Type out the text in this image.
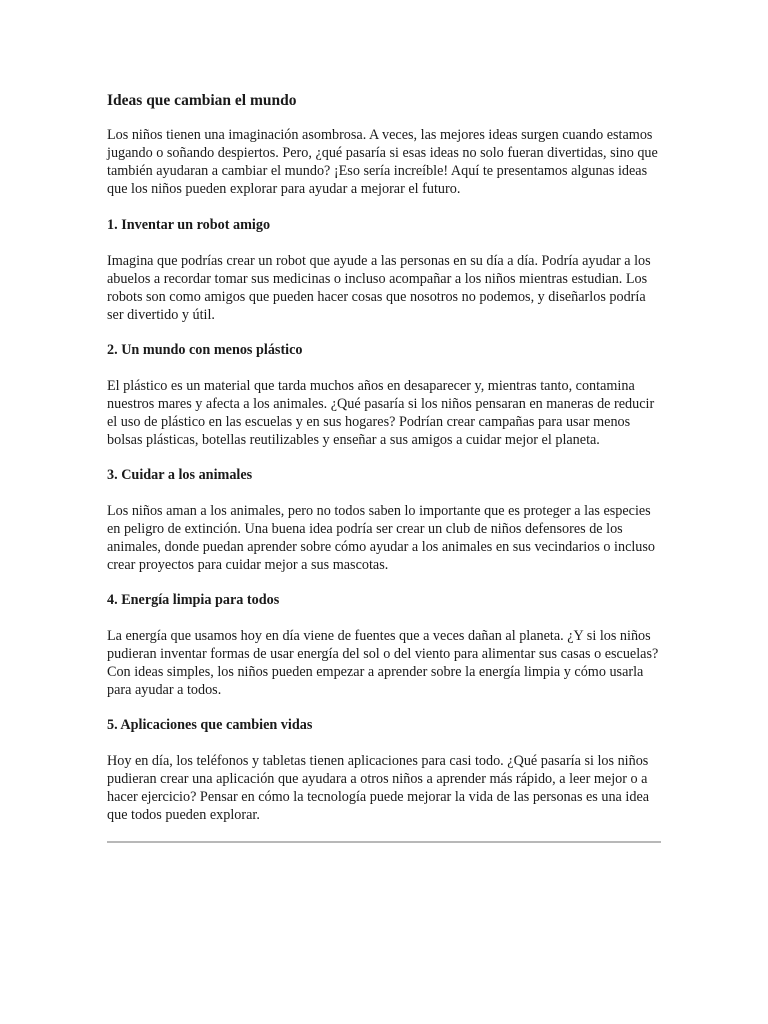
Ideas que cambian el mundo

Los niños tienen una imaginación asombrosa. A veces, las mejores ideas surgen cuando estamos jugando o soñando despiertos. Pero, ¿qué pasaría si esas ideas no solo fueran divertidas, sino que también ayudaran a cambiar el mundo? ¡Eso sería increíble! Aquí te presentamos algunas ideas que los niños pueden explorar para ayudar a mejorar el futuro.

1. Inventar un robot amigo

Imagina que podrías crear un robot que ayude a las personas en su día a día. Podría ayudar a los abuelos a recordar tomar sus medicinas o incluso acompañar a los niños mientras estudian. Los robots son como amigos que pueden hacer cosas que nosotros no podemos, y diseñarlos podría ser divertido y útil.

2. Un mundo con menos plástico

El plástico es un material que tarda muchos años en desaparecer y, mientras tanto, contamina nuestros mares y afecta a los animales. ¿Qué pasaría si los niños pensaran en maneras de reducir el uso de plástico en las escuelas y en sus hogares? Podrían crear campañas para usar menos bolsas plásticas, botellas reutilizables y enseñar a sus amigos a cuidar mejor el planeta.

3. Cuidar a los animales

Los niños aman a los animales, pero no todos saben lo importante que es proteger a las especies en peligro de extinción. Una buena idea podría ser crear un club de niños defensores de los animales, donde puedan aprender sobre cómo ayudar a los animales en sus vecindarios o incluso crear proyectos para cuidar mejor a sus mascotas.

4. Energía limpia para todos

La energía que usamos hoy en día viene de fuentes que a veces dañan al planeta. ¿Y si los niños pudieran inventar formas de usar energía del sol o del viento para alimentar sus casas o escuelas? Con ideas simples, los niños pueden empezar a aprender sobre la energía limpia y cómo usarla para ayudar a todos.

5. Aplicaciones que cambien vidas

Hoy en día, los teléfonos y tabletas tienen aplicaciones para casi todo. ¿Qué pasaría si los niños pudieran crear una aplicación que ayudara a otros niños a aprender más rápido, a leer mejor o a hacer ejercicio? Pensar en cómo la tecnología puede mejorar la vida de las personas es una idea que todos pueden explorar.
